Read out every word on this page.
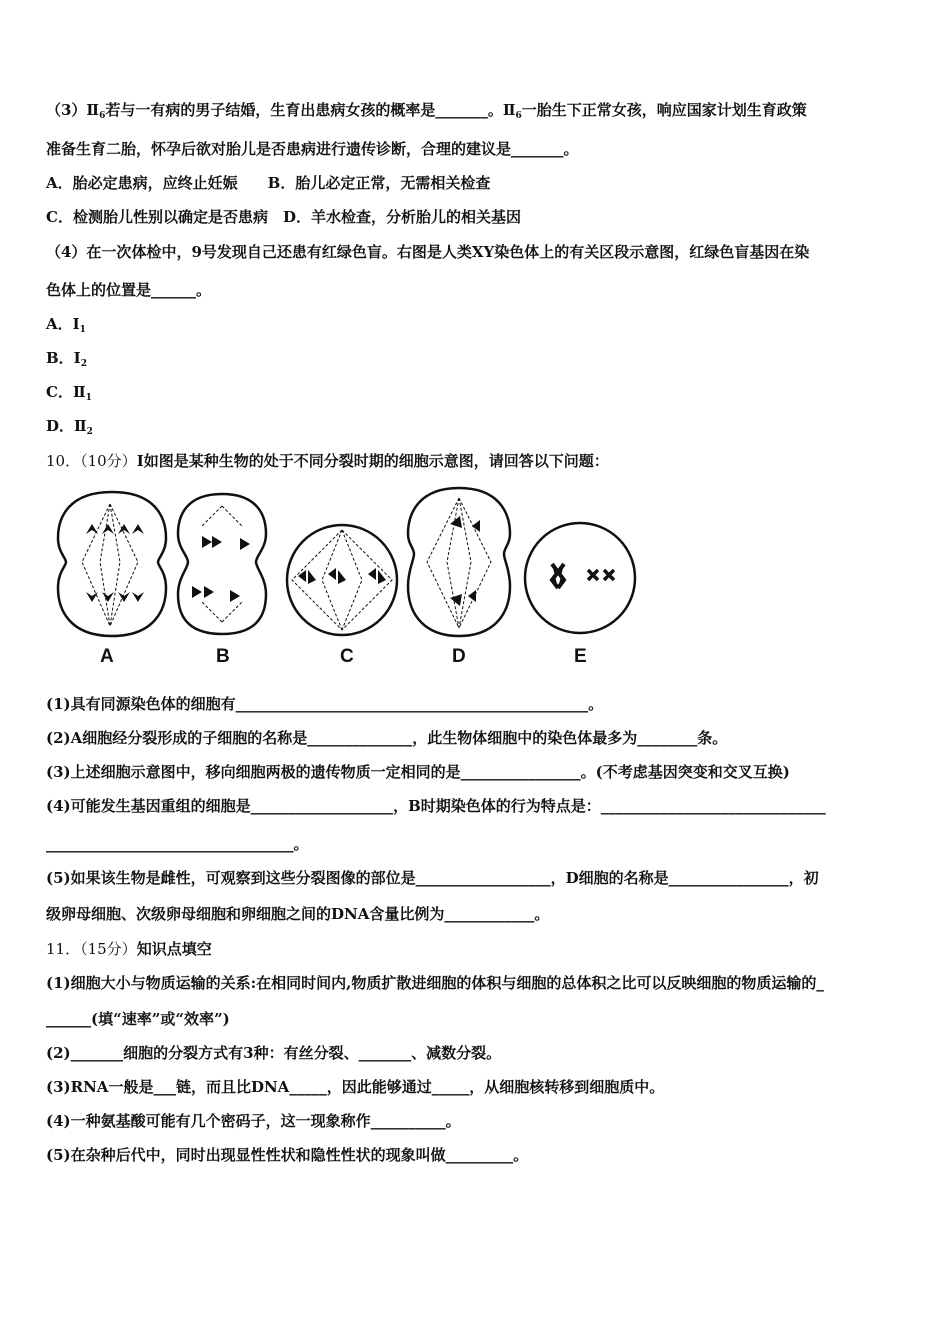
$(3)Ⅱ_6$若与一有病的男子结婚，生育出患病女孩的概率是_______。$Ⅱ_6$一胎生下正常女孩，响应国家计划生育政策
准备生育二胎，怀孕后欲对胎儿是否患病进行遗传诊断，合理的建议是_______。
A．胎必定患病，应终止妊娠　　B．胎儿必定正常，无需相关检查
C．检测胎儿性别以确定是否患病　D．羊水检查，分析胎儿的相关基因
（4）在一次体检中，9号发现自己还患有红绿色盲。右图是人类XY染色体上的有关区段示意图，红绿色盲基因在染
色体上的位置是______。
A．$I_1$
B．$I_2$
C．$Ⅱ_1$
D．$Ⅱ_2$
10．（10分）I如图是某种生物的处于不同分裂时期的细胞示意图，请回答以下问题：
A	B	C	D	E
(1)具有同源染色体的细胞有_______________________________________________。
(2)A细胞经分裂形成的子细胞的名称是______________，此生物体细胞中的染色体最多为________条。
(3)上述细胞示意图中，移向细胞两极的遗传物质一定相同的是________________。(不考虑基因突变和交叉互换)
(4)可能发生基因重组的细胞是___________________，B时期染色体的行为特点是：______________________________
_________________________________。
(5)如果该生物是雌性，可观察到这些分裂图像的部位是__________________，D细胞的名称是________________，初
级卵母细胞、次级卵母细胞和卵细胞之间的DNA含量比例为____________。
11．（15分）知识点填空
(1)细胞大小与物质运输的关系:在相同时间内,物质扩散进细胞的体积与细胞的总体积之比可以反映细胞的物质运输的_
______(填“速率”或“效率”)
(2)_______细胞的分裂方式有3种：有丝分裂、_______、减数分裂。
(3)RNA一般是___链，而且比DNA_____，因此能够通过_____，从细胞核转移到细胞质中。
(4)一种氨基酸可能有几个密码子，这一现象称作__________。
(5)在杂种后代中，同时出现显性性状和隐性性状的现象叫做_________。
